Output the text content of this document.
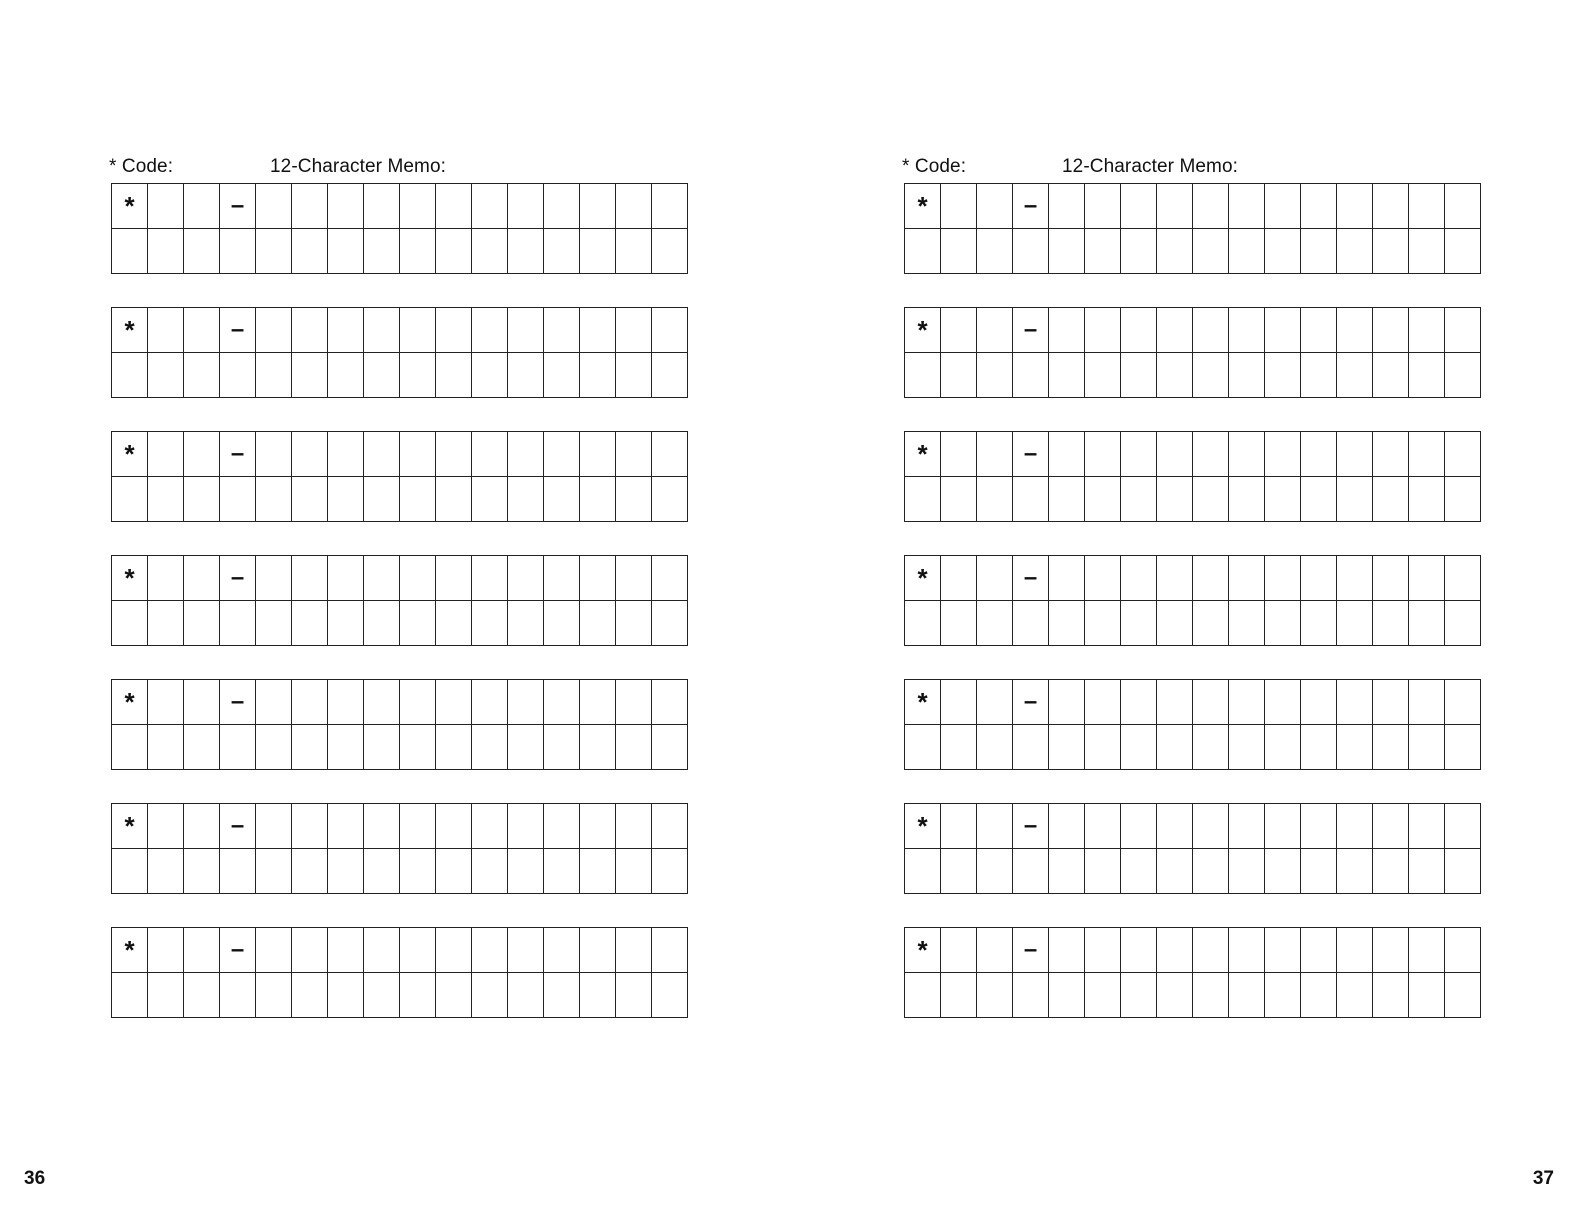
* Code:	12-Character Memo:
*			–												

*			–												

*			–												

*			–												

*			–												

*			–												

*			–												

36
* Code:	12-Character Memo:
*			–												

*			–												

*			–												

*			–												

*			–												

*			–												

*			–												

37
